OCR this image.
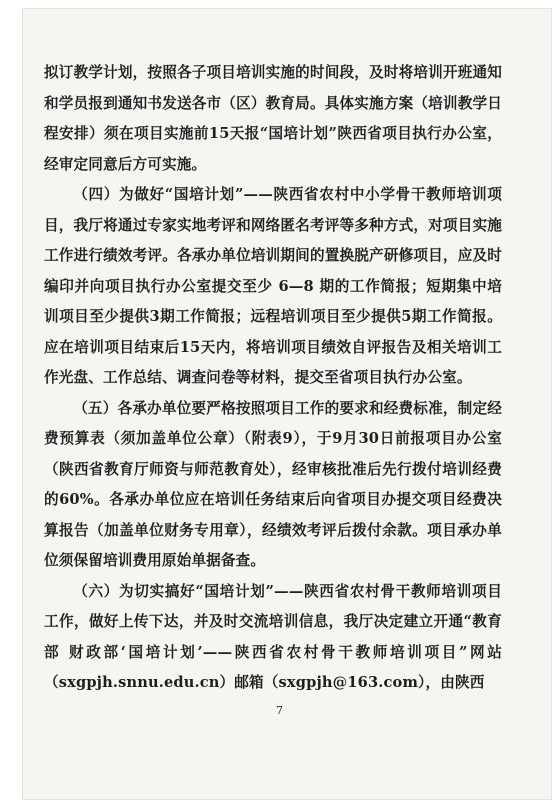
拟订教学计划，按照各子项目培训实施的时间段，及时将培训开班通知和学员报到通知书发送各市（区）教育局。具体实施方案（培训教学日程安排）须在项目实施前15天报“国培计划”陕西省项目执行办公室，经审定同意后方可实施。

（四）为做好“国培计划”——陕西省农村中小学骨干教师培训项目，我厅将通过专家实地考评和网络匿名考评等多种方式，对项目实施工作进行绩效考评。各承办单位培训期间的置换脱产研修项目，应及时编印并向项目执行办公室提交至少 6—8 期的工作简报；短期集中培训项目至少提供3期工作简报；远程培训项目至少提供5期工作简报。应在培训项目结束后15天内，将培训项目绩效自评报告及相关培训工作光盘、工作总结、调查问卷等材料，提交至省项目执行办公室。

（五）各承办单位要严格按照项目工作的要求和经费标准，制定经费预算表（须加盖单位公章）（附表9），于9月30日前报项目办公室（陕西省教育厅师资与师范教育处），经审核批准后先行拨付培训经费的60%。各承办单位应在培训任务结束后向省项目办提交项目经费决算报告（加盖单位财务专用章），经绩效考评后拨付余款。项目承办单位须保留培训费用原始单据备查。

（六）为切实搞好“国培计划”——陕西省农村骨干教师培训项目工作，做好上传下达，并及时交流培训信息，我厅决定建立开通“教育部 财政部‘国培计划’——陕西省农村骨干教师培训项目”网站（sxgpjh.snnu.edu.cn）邮箱（sxgpjh@163.com），由陕西

7
